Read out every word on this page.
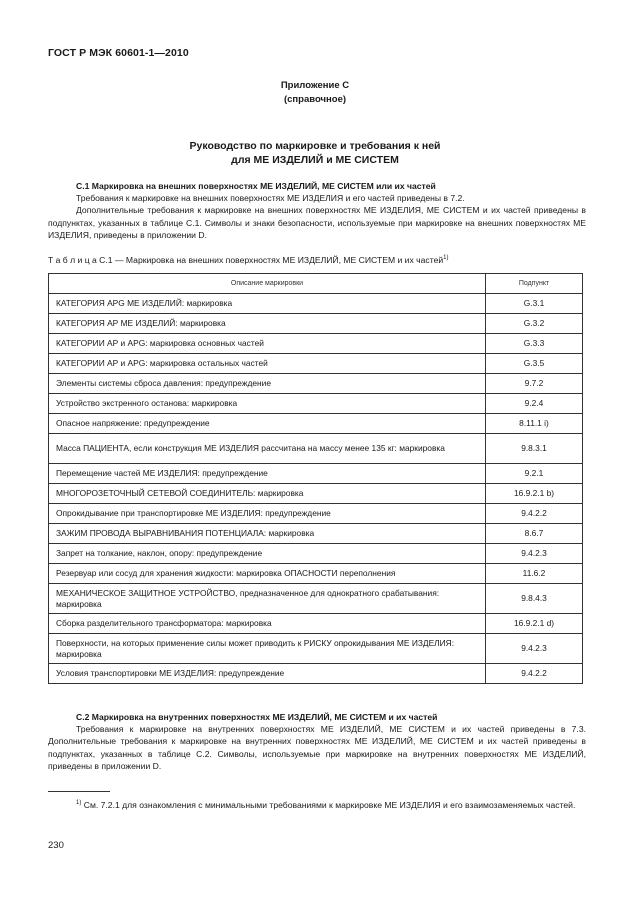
ГОСТ Р МЭК 60601-1—2010
Приложение С
(справочное)
Руководство по маркировке и требования к ней
для МЕ ИЗДЕЛИЙ и МЕ СИСТЕМ
С.1 Маркировка на внешних поверхностях МЕ ИЗДЕЛИЙ, МЕ СИСТЕМ или их частей

Требования к маркировке на внешних поверхностях МЕ ИЗДЕЛИЯ и его частей приведены в 7.2.

Дополнительные требования к маркировке на внешних поверхностях МЕ ИЗДЕЛИЯ, МЕ СИСТЕМ и их частей приведены в подпунктах, указанных в таблице С.1. Символы и знаки безопасности, используемые при маркировке на внешних поверхностях МЕ ИЗДЕЛИЯ, приведены в приложении D.

Т а б л и ц а С.1 — Маркировка на внешних поверхностях МЕ ИЗДЕЛИЙ, МЕ СИСТЕМ и их частей$^{1)}$
Описание маркировки	Подпункт
КАТЕГОРИЯ APG МЕ ИЗДЕЛИЙ: маркировка	G.3.1
КАТЕГОРИЯ АР МЕ ИЗДЕЛИЙ: маркировка	G.3.2
КАТЕГОРИИ АР и APG: маркировка основных частей	G.3.3
КАТЕГОРИИ АР и APG: маркировка остальных частей	G.3.5
Элементы системы сброса давления: предупреждение	9.7.2
Устройство экстренного останова: маркировка	9.2.4
Опасное напряжение: предупреждение	8.11.1 i)
Масса ПАЦИЕНТА, если конструкция МЕ ИЗДЕЛИЯ рассчитана на массу менее 135 кг: маркировка	9.8.3.1
Перемещение частей МЕ ИЗДЕЛИЯ: предупреждение	9.2.1
МНОГОРОЗЕТОЧНЫЙ СЕТЕВОЙ СОЕДИНИТЕЛЬ: маркировка	16.9.2.1 b)
Опрокидывание при транспортировке МЕ ИЗДЕЛИЯ: предупреждение	9.4.2.2
ЗАЖИМ ПРОВОДА ВЫРАВНИВАНИЯ ПОТЕНЦИАЛА: маркировка	8.6.7
Запрет на толкание, наклон, опору: предупреждение	9.4.2.3
Резервуар или сосуд для хранения жидкости: маркировка ОПАСНОСТИ переполнения	11.6.2
МЕХАНИЧЕСКОЕ ЗАЩИТНОЕ УСТРОЙСТВО, предназначенное для однократного срабатывания: маркировка	9.8.4.3
Сборка разделительного трансформатора: маркировка	16.9.2.1 d)
Поверхности, на которых применение силы может приводить к РИСКУ опрокидывания МЕ ИЗДЕЛИЯ: маркировка	9.4.2.3
Условия транспортировки МЕ ИЗДЕЛИЯ: предупреждение	9.4.2.2
С.2 Маркировка на внутренних поверхностях МЕ ИЗДЕЛИЙ, МЕ СИСТЕМ и их частей

Требования к маркировке на внутренних поверхностях МЕ ИЗДЕЛИЙ, МЕ СИСТЕМ и их частей приведены в 7.3. Дополнительные требования к маркировке на внутренних поверхностях МЕ ИЗДЕЛИЙ, МЕ СИСТЕМ и их частей приведены в подпунктах, указанных в таблице С.2. Символы, используемые при маркировке на внутренних поверхностях МЕ ИЗДЕЛИЙ, приведены в приложении D.

$^{1)}$ См. 7.2.1 для ознакомления с минимальными требованиями к маркировке МЕ ИЗДЕЛИЯ и его взаимозаменяемых частей.
230
